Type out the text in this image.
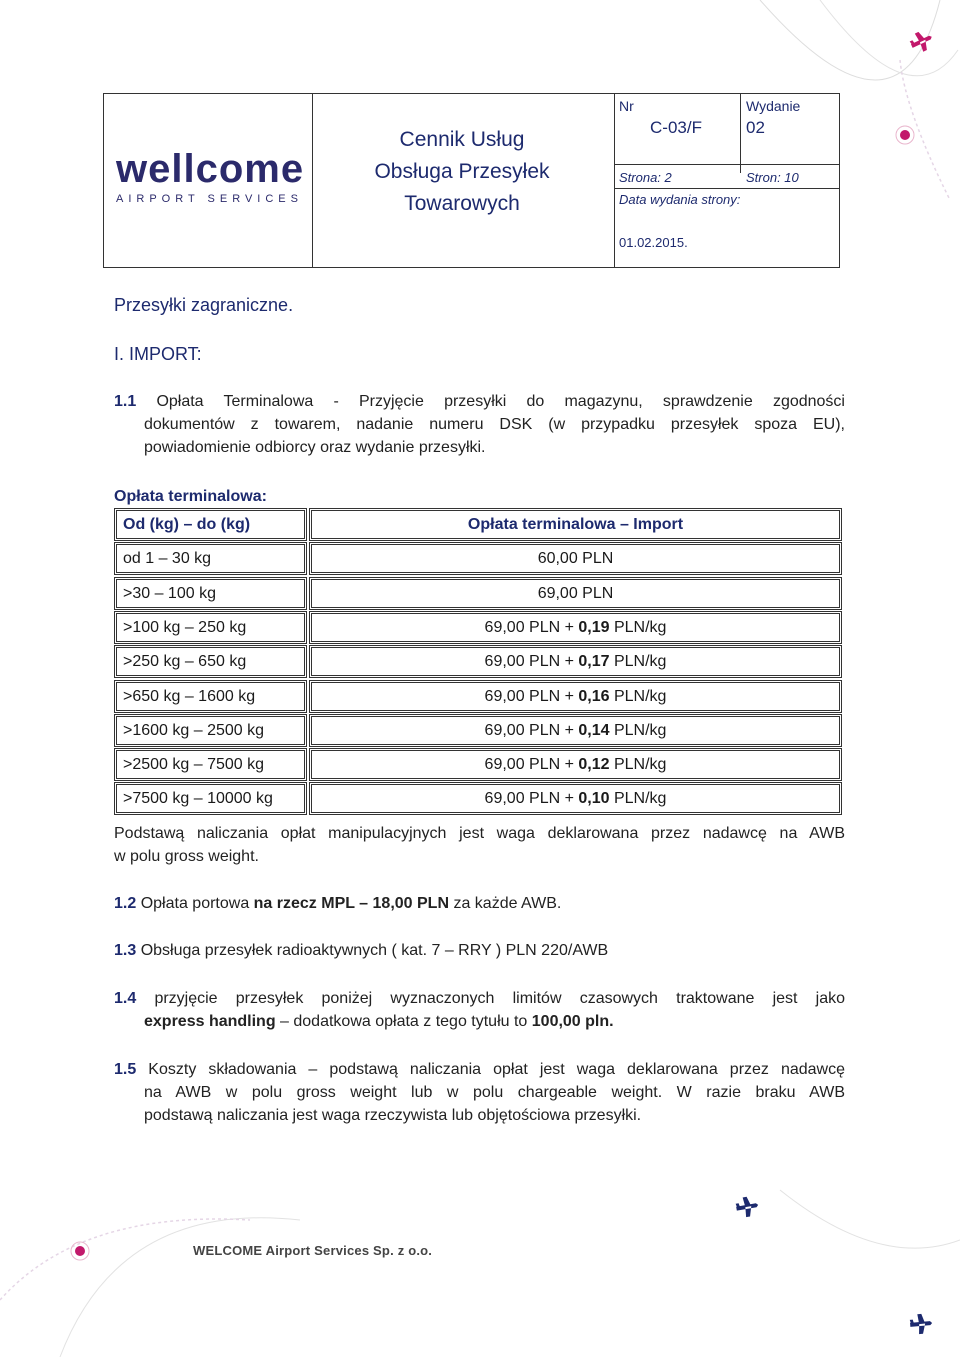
wellcome
AIRPORT SERVICES
Cennik Usług
Obsługa Przesyłek
Towarowych
Nr
C-03/F
Wydanie
02
Strona: 2	Stron: 10
Data wydania strony:
01.02.2015.
Przesyłki zagraniczne.
I. IMPORT:
1.1 Opłata Terminalowa - Przyjęcie przesyłki do magazynu, sprawdzenie zgodności
dokumentów z towarem, nadanie numeru DSK (w przypadku przesyłek spoza EU),
powiadomienie odbiorcy oraz wydanie przesyłki.
Opłata terminalowa:
Od (kg) – do (kg)	Opłata terminalowa – Import
od 1 – 30 kg	60,00 PLN
>30 – 100 kg	69,00 PLN
>100 kg – 250 kg	69,00 PLN + 0,19 PLN/kg
>250 kg – 650 kg	69,00 PLN + 0,17 PLN/kg
>650 kg – 1600 kg	69,00 PLN + 0,16 PLN/kg
>1600 kg – 2500 kg	69,00 PLN + 0,14 PLN/kg
>2500 kg – 7500 kg	69,00 PLN + 0,12 PLN/kg
>7500 kg – 10000 kg	69,00 PLN + 0,10 PLN/kg
Podstawą naliczania opłat manipulacyjnych jest waga deklarowana przez nadawcę na AWB
w polu gross weight.
1.2 Opłata portowa na rzecz MPL – 18,00 PLN za każde AWB.
1.3 Obsługa przesyłek radioaktywnych ( kat. 7 – RRY ) PLN 220/AWB
1.4 przyjęcie przesyłek poniżej wyznaczonych limitów czasowych traktowane jest jako
express handling – dodatkowa opłata z tego tytułu to 100,00 pln.
1.5 Koszty składowania – podstawą naliczania opłat jest waga deklarowana przez nadawcę
na AWB w polu gross weight lub w polu chargeable weight. W razie braku AWB
podstawą naliczania jest waga rzeczywista lub objętościowa przesyłki.
WELCOME Airport Services Sp. z o.o.
